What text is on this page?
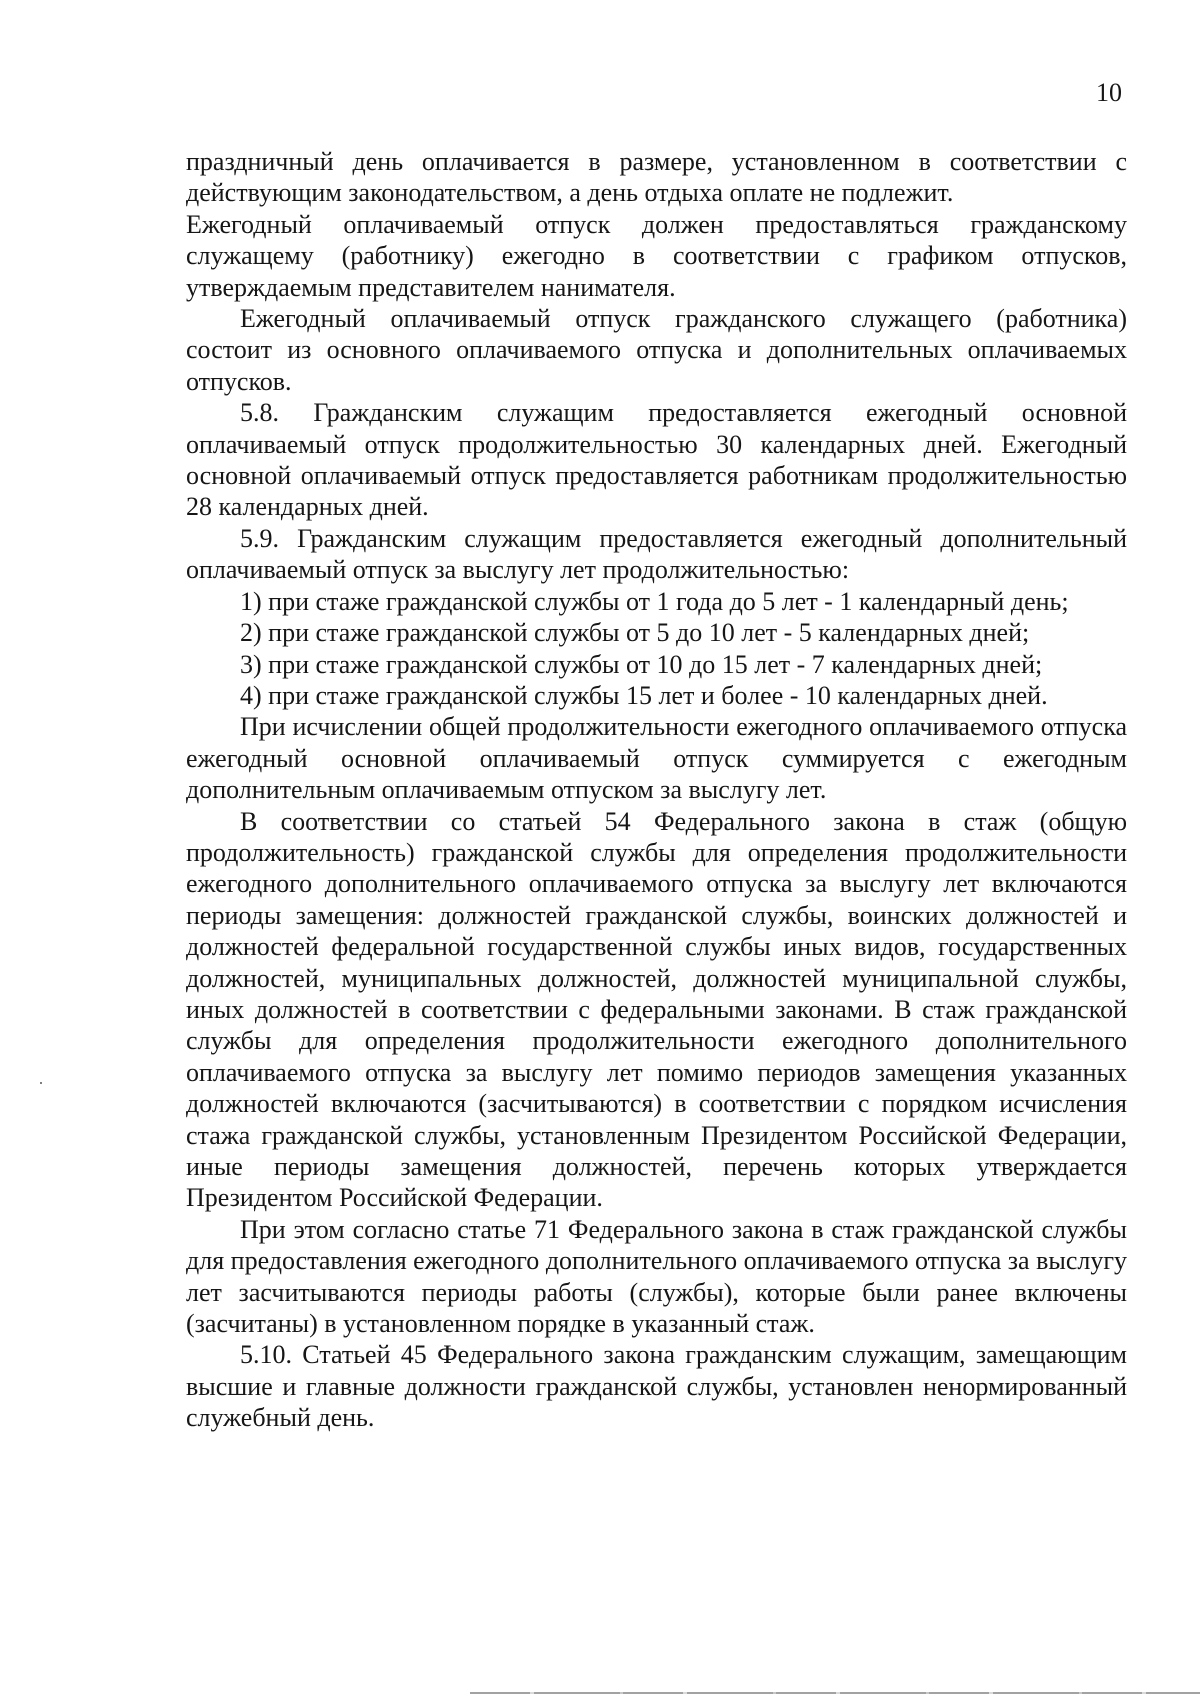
10

праздничный день оплачивается в размере, установленном в соответствии с действующим законодательством, а день отдыха оплате не подлежит.

Ежегодный оплачиваемый отпуск должен предоставляться гражданскому служащему (работнику) ежегодно в соответствии с графиком отпусков, утверждаемым представителем нанимателя.

Ежегодный оплачиваемый отпуск гражданского служащего (работника) состоит из основного оплачиваемого отпуска и дополнительных оплачиваемых отпусков.

5.8. Гражданским служащим предоставляется ежегодный основной оплачиваемый отпуск продолжительностью 30 календарных дней. Ежегодный основной оплачиваемый отпуск предоставляется работникам продолжительностью 28 календарных дней.

5.9. Гражданским служащим предоставляется ежегодный дополнительный оплачиваемый отпуск за выслугу лет продолжительностью:

1) при стаже гражданской службы от 1 года до 5 лет - 1 календарный день;

2) при стаже гражданской службы от 5 до 10 лет - 5 календарных дней;

3) при стаже гражданской службы от 10 до 15 лет - 7 календарных дней;

4) при стаже гражданской службы 15 лет и более - 10 календарных дней.

При исчислении общей продолжительности ежегодного оплачиваемого отпуска ежегодный основной оплачиваемый отпуск суммируется с ежегодным дополнительным оплачиваемым отпуском за выслугу лет.

В соответствии со статьей 54 Федерального закона в стаж (общую продолжительность) гражданской службы для определения продолжительности ежегодного дополнительного оплачиваемого отпуска за выслугу лет включаются периоды замещения: должностей гражданской службы, воинских должностей и должностей федеральной государственной службы иных видов, государственных должностей, муниципальных должностей, должностей муниципальной службы, иных должностей в соответствии с федеральными законами. В стаж гражданской службы для определения продолжительности ежегодного дополнительного оплачиваемого отпуска за выслугу лет помимо периодов замещения указанных должностей включаются (засчитываются) в соответствии с порядком исчисления стажа гражданской службы, установленным Президентом Российской Федерации, иные периоды замещения должностей, перечень которых утверждается Президентом Российской Федерации.

При этом согласно статье 71 Федерального закона в стаж гражданской службы для предоставления ежегодного дополнительного оплачиваемого отпуска за выслугу лет засчитываются периоды работы (службы), которые были ранее включены (засчитаны) в установленном порядке в указанный стаж.

5.10. Статьей 45 Федерального закона гражданским служащим, замещающим высшие и главные должности гражданской службы, установлен ненормированный служебный день.
